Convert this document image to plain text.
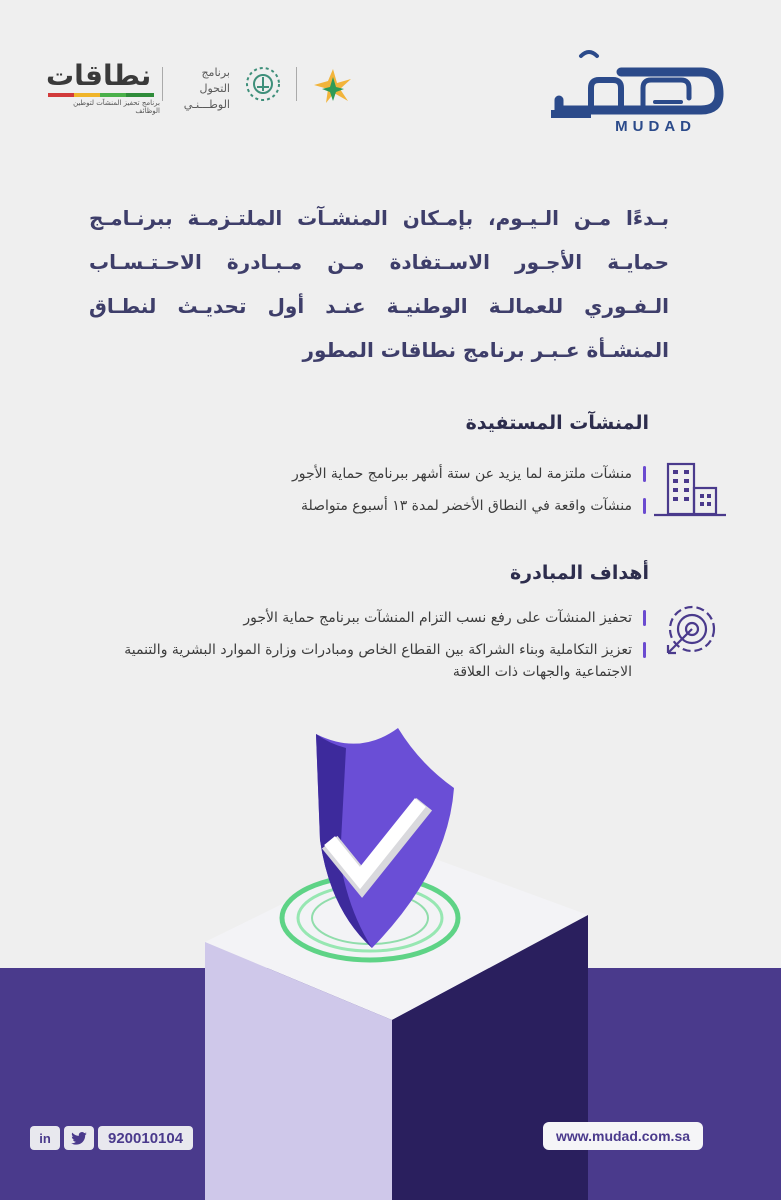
MUDAD
نطاقات
برنامج تحفيز المنشآت لتوطين الوظائف
برنامج التحول
الوطـــنـي
بـدءًا مـن الـيـوم، بإمـكان المنشـآت الملتـزمـة ببرنـامـج حمايـة الأجـور الاسـتفادة مـن مـبـادرة الاحـتـسـاب الـفـوري للعمالـة الوطنيـة عنـد أول تحديـث لنطـاق المنشـأة عـبـر برنامج نطاقات المطور
المنشآت المستفيدة
منشآت ملتزمة لما يزيد عن ستة أشهر ببرنامج حماية الأجور
منشآت واقعة في النطاق الأخضر لمدة ١٣ أسبوع متواصلة
أهداف المبادرة
تحفيز المنشآت على رفع نسب التزام المنشآت ببرنامج حماية الأجور
تعزيز التكاملية وبناء الشراكة بين القطاع الخاص ومبادرات وزارة الموارد البشرية والتنمية الاجتماعية والجهات ذات العلاقة
in	920010104	www.mudad.com.sa
